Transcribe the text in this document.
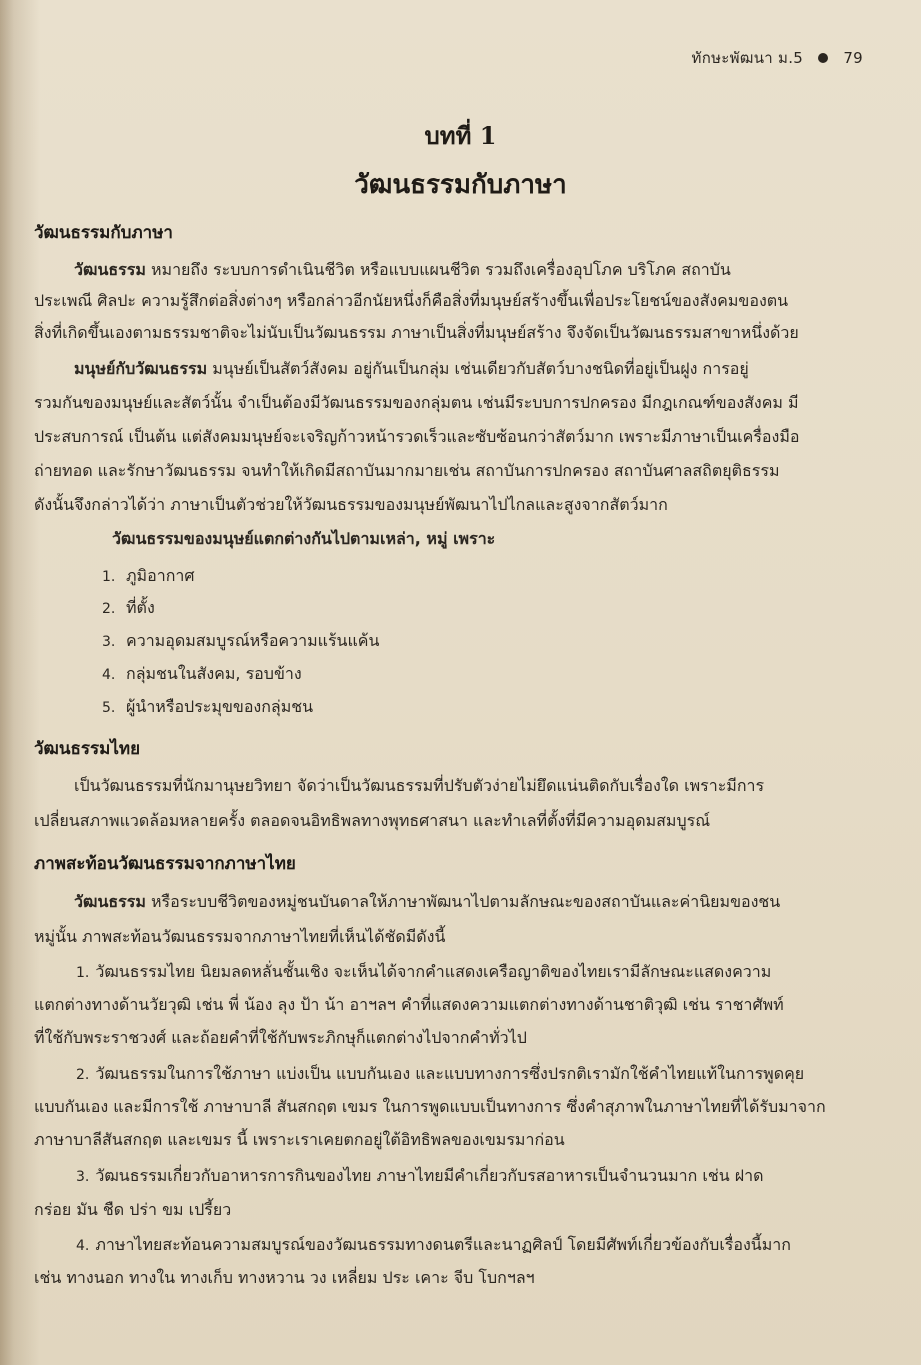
ทักษะพัฒนา ม.5	79
บทที่ 1
วัฒนธรรมกับภาษา
วัฒนธรรมกับภาษา
วัฒนธรรม หมายถึง ระบบการดำเนินชีวิต หรือแบบแผนชีวิต รวมถึงเครื่องอุปโภค บริโภค สถาบัน
ประเพณี ศิลปะ ความรู้สึกต่อสิ่งต่างๆ หรือกล่าวอีกนัยหนึ่งก็คือสิ่งที่มนุษย์สร้างขึ้นเพื่อประโยชน์ของสังคมของตน
สิ่งที่เกิดขึ้นเองตามธรรมชาติจะไม่นับเป็นวัฒนธรรม ภาษาเป็นสิ่งที่มนุษย์สร้าง จึงจัดเป็นวัฒนธรรมสาขาหนึ่งด้วย
มนุษย์กับวัฒนธรรม มนุษย์เป็นสัตว์สังคม อยู่กันเป็นกลุ่ม เช่นเดียวกับสัตว์บางชนิดที่อยู่เป็นฝูง การอยู่
รวมกันของมนุษย์และสัตว์นั้น จำเป็นต้องมีวัฒนธรรมของกลุ่มตน เช่นมีระบบการปกครอง มีกฎเกณฑ์ของสังคม มี
ประสบการณ์ เป็นต้น แต่สังคมมนุษย์จะเจริญก้าวหน้ารวดเร็วและซับซ้อนกว่าสัตว์มาก เพราะมีภาษาเป็นเครื่องมือ
ถ่ายทอด และรักษาวัฒนธรรม จนทำให้เกิดมีสถาบันมากมายเช่น สถาบันการปกครอง สถาบันศาลสถิตยุติธรรม
ดังนั้นจึงกล่าวได้ว่า ภาษาเป็นตัวช่วยให้วัฒนธรรมของมนุษย์พัฒนาไปไกลและสูงจากสัตว์มาก
วัฒนธรรมของมนุษย์แตกต่างกันไปตามเหล่า, หมู่ เพราะ
1. ภูมิอากาศ
2. ที่ตั้ง
3. ความอุดมสมบูรณ์หรือความแร้นแค้น
4. กลุ่มชนในสังคม, รอบข้าง
5. ผู้นำหรือประมุขของกลุ่มชน
วัฒนธรรมไทย
เป็นวัฒนธรรมที่นักมานุษยวิทยา จัดว่าเป็นวัฒนธรรมที่ปรับตัวง่ายไม่ยึดแน่นติดกับเรื่องใด เพราะมีการ
เปลี่ยนสภาพแวดล้อมหลายครั้ง ตลอดจนอิทธิพลทางพุทธศาสนา และทำเลที่ตั้งที่มีความอุดมสมบูรณ์
ภาพสะท้อนวัฒนธรรมจากภาษาไทย
วัฒนธรรม หรือระบบชีวิตของหมู่ชนบันดาลให้ภาษาพัฒนาไปตามลักษณะของสถาบันและค่านิยมของชน
หมู่นั้น ภาพสะท้อนวัฒนธรรมจากภาษาไทยที่เห็นได้ชัดมีดังนี้
1. วัฒนธรรมไทย นิยมลดหลั่นชั้นเชิง จะเห็นได้จากคำแสดงเครือญาติของไทยเรามีลักษณะแสดงความ
แตกต่างทางด้านวัยวุฒิ เช่น พี่ น้อง ลุง ป้า น้า อาฯลฯ คำที่แสดงความแตกต่างทางด้านชาติวุฒิ เช่น ราชาศัพท์
ที่ใช้กับพระราชวงศ์ และถ้อยคำที่ใช้กับพระภิกษุก็แตกต่างไปจากคำทั่วไป
2. วัฒนธรรมในการใช้ภาษา แบ่งเป็น แบบกันเอง และแบบทางการซึ่งปรกติเรามักใช้คำไทยแท้ในการพูดคุย
แบบกันเอง และมีการใช้ ภาษาบาลี สันสกฤต เขมร ในการพูดแบบเป็นทางการ ซึ่งคำสุภาพในภาษาไทยที่ได้รับมาจาก
ภาษาบาลีสันสกฤต และเขมร นี้ เพราะเราเคยตกอยู่ใต้อิทธิพลของเขมรมาก่อน
3. วัฒนธรรมเกี่ยวกับอาหารการกินของไทย ภาษาไทยมีคำเกี่ยวกับรสอาหารเป็นจำนวนมาก เช่น ฝาด
กร่อย มัน ชืด ปร่า ขม เปรี้ยว
4. ภาษาไทยสะท้อนความสมบูรณ์ของวัฒนธรรมทางดนตรีและนาฏศิลป์ โดยมีศัพท์เกี่ยวข้องกับเรื่องนี้มาก
เช่น ทางนอก ทางใน ทางเก็บ ทางหวาน วง เหลี่ยม ประ เคาะ จีบ โบกฯลฯ
